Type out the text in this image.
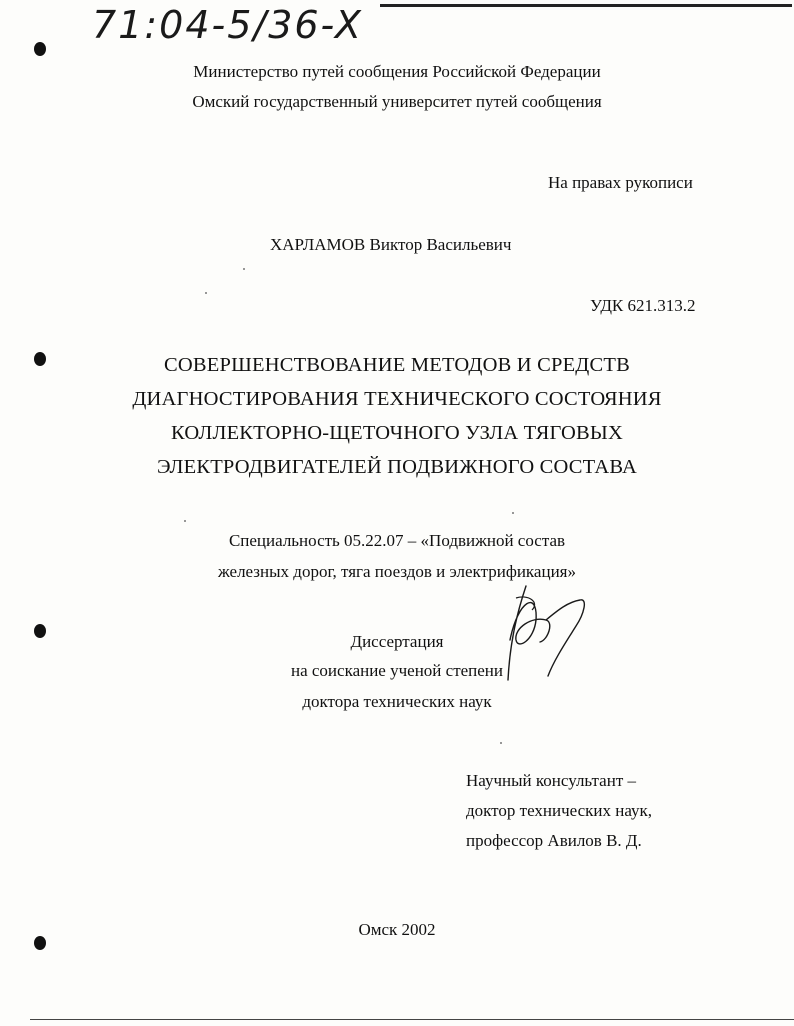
71:04-5/36-X
Министерство путей сообщения Российской Федерации
Омский государственный университет путей сообщения
На правах рукописи
ХАРЛАМОВ Виктор Васильевич
УДК 621.313.2
СОВЕРШЕНСТВОВАНИЕ МЕТОДОВ И СРЕДСТВ
ДИАГНОСТИРОВАНИЯ ТЕХНИЧЕСКОГО СОСТОЯНИЯ
КОЛЛЕКТОРНО-ЩЕТОЧНОГО УЗЛА ТЯГОВЫХ
ЭЛЕКТРОДВИГАТЕЛЕЙ ПОДВИЖНОГО СОСТАВА
Специальность 05.22.07 – «Подвижной состав
железных дорог, тяга поездов и электрификация»
Диссертация
на соискание ученой степени
доктора технических наук
Научный консультант –
доктор технических наук,
профессор Авилов В. Д.
Омск 2002
